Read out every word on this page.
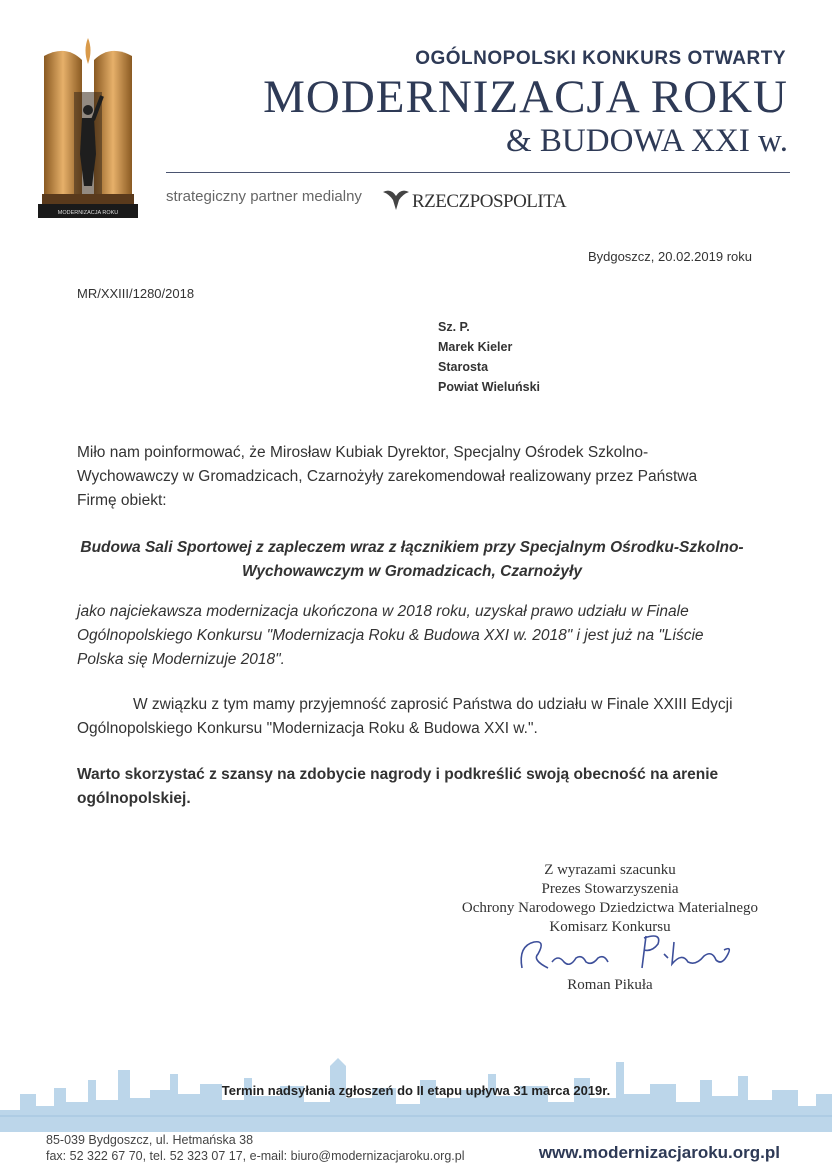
MODERNIZACJA ROKU
OGÓLNOPOLSKI KONKURS OTWARTY
MODERNIZACJA ROKU
& BUDOWA XXI w.
strategiczny partner medialny	RZECZPOSPOLITA
Bydgoszcz, 20.02.2019 roku
MR/XXIII/1280/2018
Sz. P.
Marek Kieler
Starosta
Powiat Wieluński
Miło nam poinformować, że Mirosław Kubiak Dyrektor, Specjalny Ośrodek Szkolno-Wychowawczy w Gromadzicach, Czarnożyły zarekomendował realizowany przez Państwa Firmę obiekt:
Budowa Sali Sportowej z zapleczem wraz z łącznikiem przy Specjalnym Ośrodku-Szkolno-Wychowawczym w Gromadzicach, Czarnożyły
jako najciekawsza modernizacja ukończona w 2018 roku, uzyskał prawo udziału w Finale Ogólnopolskiego Konkursu "Modernizacja Roku & Budowa XXI w. 2018" i jest już na "Liście Polska się Modernizuje 2018".
W związku z tym mamy przyjemność zaprosić Państwa do udziału w Finale XXIII Edycji Ogólnopolskiego Konkursu "Modernizacja Roku & Budowa XXI w.".
Warto skorzystać z szansy na zdobycie nagrody i podkreślić swoją obecność na arenie ogólnopolskiej.
Z wyrazami szacunku
Prezes Stowarzyszenia
Ochrony Narodowego Dziedzictwa Materialnego
Komisarz Konkursu
Roman Pikuła
Termin nadsyłania zgłoszeń do II etapu upływa 31 marca 2019r.
85-039 Bydgoszcz, ul. Hetmańska 38
fax: 52 322 67 70, tel. 52 323 07 17, e-mail: biuro@modernizacjaroku.org.pl	www.modernizacjaroku.org.pl
